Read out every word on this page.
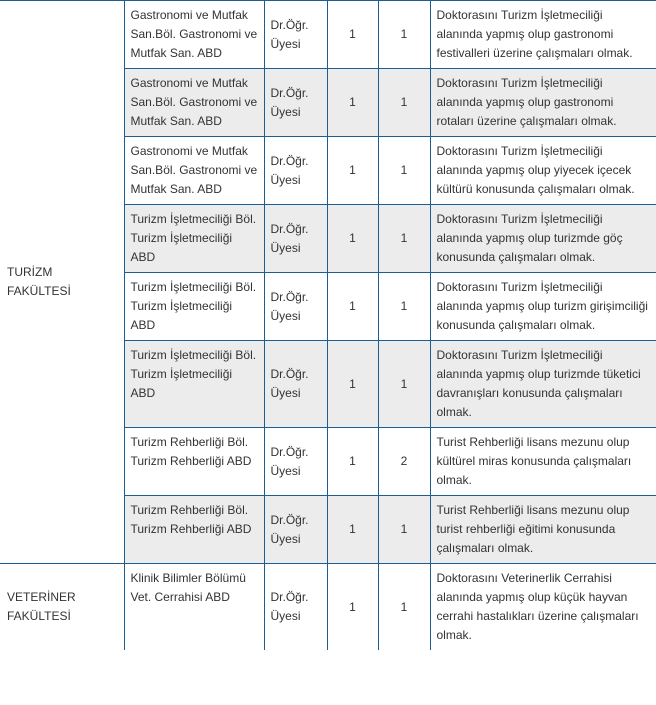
TURİZM FAKÜLTESİ	Gastronomi ve Mutfak San.Böl. Gastronomi ve Mutfak San. ABD	Dr.Öğr. Üyesi	1	1	Doktorasını Turizm İşletmeciliği alanında yapmış olup gastronomi festivalleri üzerine çalışmaları olmak.
	Gastronomi ve Mutfak San.Böl. Gastronomi ve Mutfak San. ABD	Dr.Öğr. Üyesi	1	1	Doktorasını Turizm İşletmeciliği alanında yapmış olup gastronomi rotaları üzerine çalışmaları olmak.
	Gastronomi ve Mutfak San.Böl. Gastronomi ve Mutfak San. ABD	Dr.Öğr. Üyesi	1	1	Doktorasını Turizm İşletmeciliği alanında yapmış olup yiyecek içecek kültürü konusunda çalışmaları olmak.
	Turizm İşletmeciliği Böl. Turizm İşletmeciliği ABD	Dr.Öğr. Üyesi	1	1	Doktorasını Turizm İşletmeciliği alanında yapmış olup turizmde göç konusunda çalışmaları olmak.
	Turizm İşletmeciliği Böl. Turizm İşletmeciliği ABD	Dr.Öğr. Üyesi	1	1	Doktorasını Turizm İşletmeciliği alanında yapmış olup turizm girişimciliği konusunda çalışmaları olmak.
	Turizm İşletmeciliği Böl. Turizm İşletmeciliği ABD	Dr.Öğr. Üyesi	1	1	Doktorasını Turizm İşletmeciliği alanında yapmış olup turizmde tüketici davranışları konusunda çalışmaları olmak.
	Turizm Rehberliği Böl. Turizm Rehberliği ABD	Dr.Öğr. Üyesi	1	2	Turist Rehberliği lisans mezunu olup kültürel miras konusunda çalışmaları olmak.
	Turizm Rehberliği Böl. Turizm Rehberliği ABD	Dr.Öğr. Üyesi	1	1	Turist Rehberliği lisans mezunu olup turist rehberliği eğitimi konusunda çalışmaları olmak.
VETERİNER FAKÜLTESİ	Klinik Bilimler Bölümü Vet. Cerrahisi ABD	Dr.Öğr. Üyesi	1	1	Doktorasını Veterinerlik Cerrahisi alanında yapmış olup küçük hayvan cerrahi hastalıkları üzerine çalışmaları olmak.
